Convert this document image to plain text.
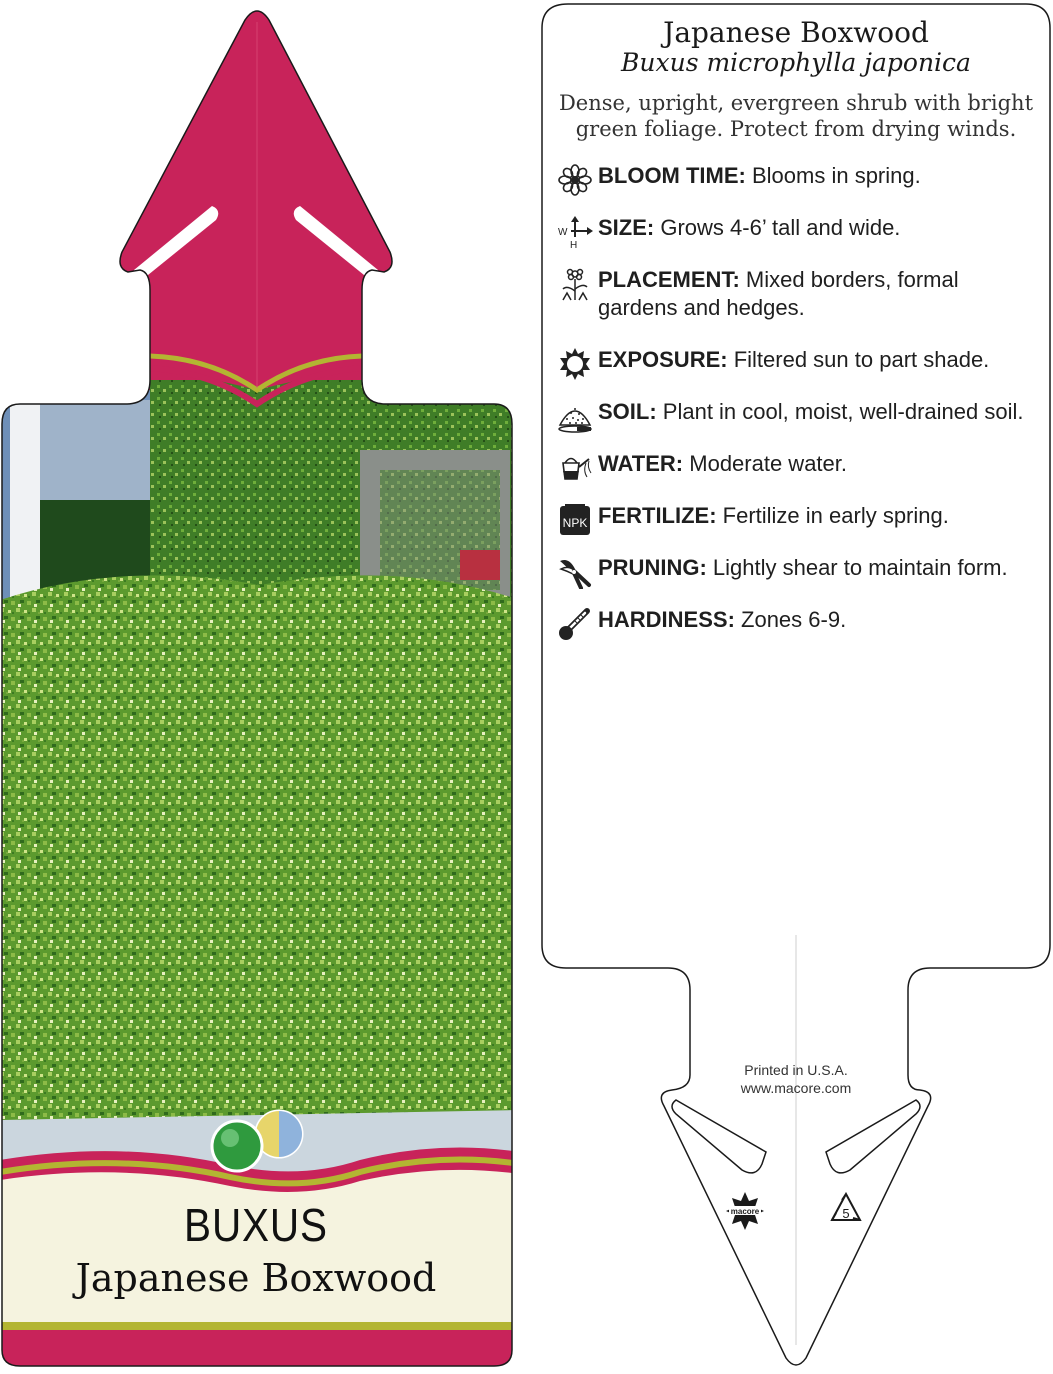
macore	5
BUXUS
Japanese Boxwood
Japanese Boxwood
Buxus microphylla japonica
Dense, upright, evergreen shrub with bright
green foliage. Protect from drying winds.
BLOOM TIME: Blooms in spring.
W
H
SIZE: Grows 4-6’ tall and wide.
PLACEMENT: Mixed borders, formal
gardens and hedges.
EXPOSURE: Filtered sun to part shade.
SOIL: Plant in cool, moist, well-drained soil.
WATER: Moderate water.
NPK FERTILIZE: Fertilize in early spring.
PRUNING: Lightly shear to maintain form.
HARDINESS: Zones 6-9.
Printed in U.S.A.
www.macore.com
